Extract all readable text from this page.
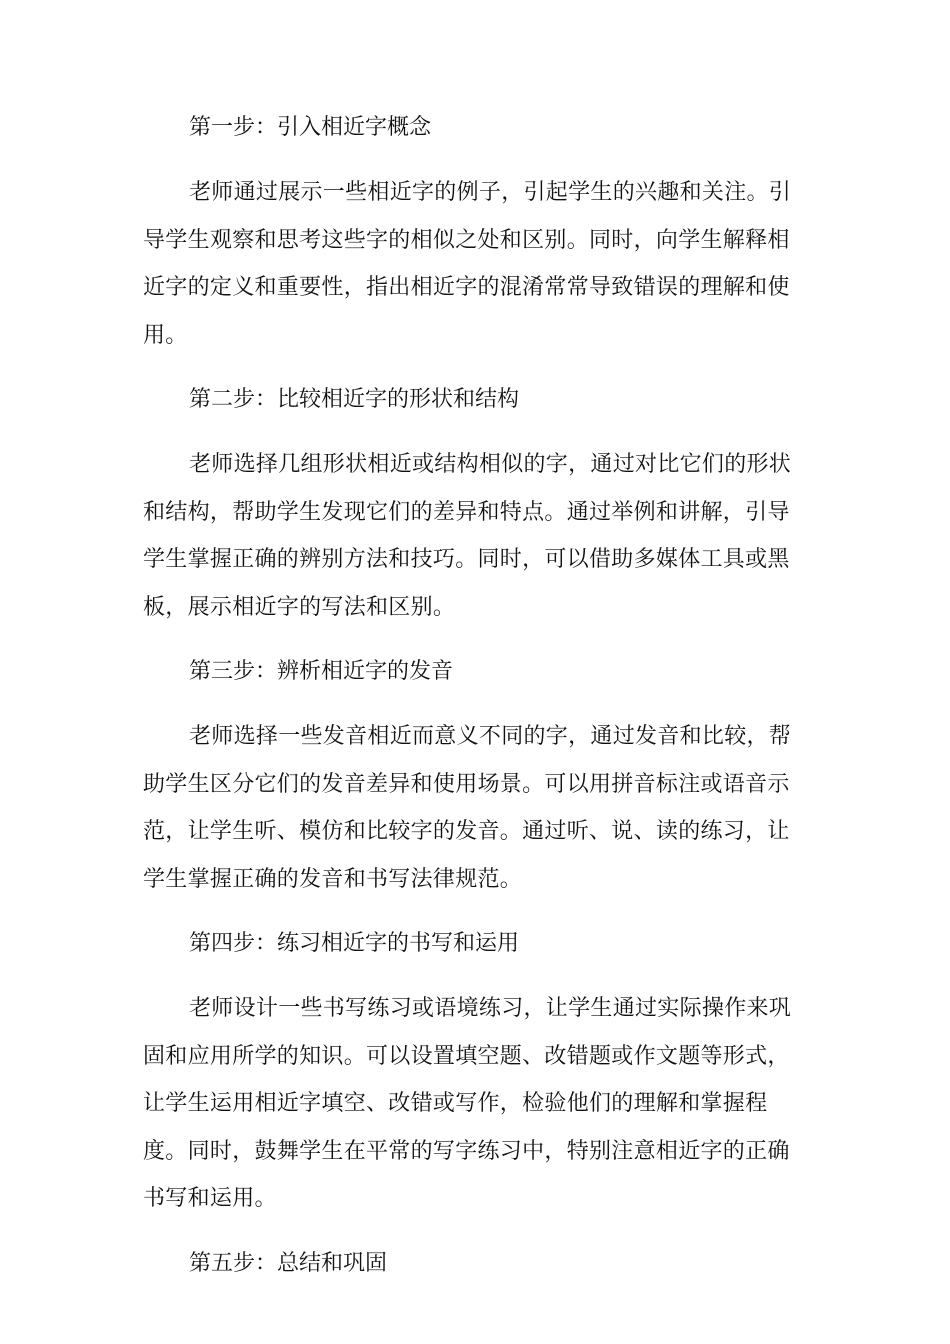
第一步：引入相近字概念

老师通过展示一些相近字的例子，引起学生的兴趣和关注。引导学生观察和思考这些字的相似之处和区别。同时，向学生解释相近字的定义和重要性，指出相近字的混淆常常导致错误的理解和使用。

第二步：比较相近字的形状和结构

老师选择几组形状相近或结构相似的字，通过对比它们的形状和结构，帮助学生发现它们的差异和特点。通过举例和讲解，引导学生掌握正确的辨别方法和技巧。同时，可以借助多媒体工具或黑板，展示相近字的写法和区别。

第三步：辨析相近字的发音

老师选择一些发音相近而意义不同的字，通过发音和比较，帮助学生区分它们的发音差异和使用场景。可以用拼音标注或语音示范，让学生听、模仿和比较字的发音。通过听、说、读的练习，让学生掌握正确的发音和书写法律规范。

第四步：练习相近字的书写和运用

老师设计一些书写练习或语境练习，让学生通过实际操作来巩固和应用所学的知识。可以设置填空题、改错题或作文题等形式，让学生运用相近字填空、改错或写作，检验他们的理解和掌握程度。同时，鼓舞学生在平常的写字练习中，特别注意相近字的正确书写和运用。

第五步：总结和巩固
